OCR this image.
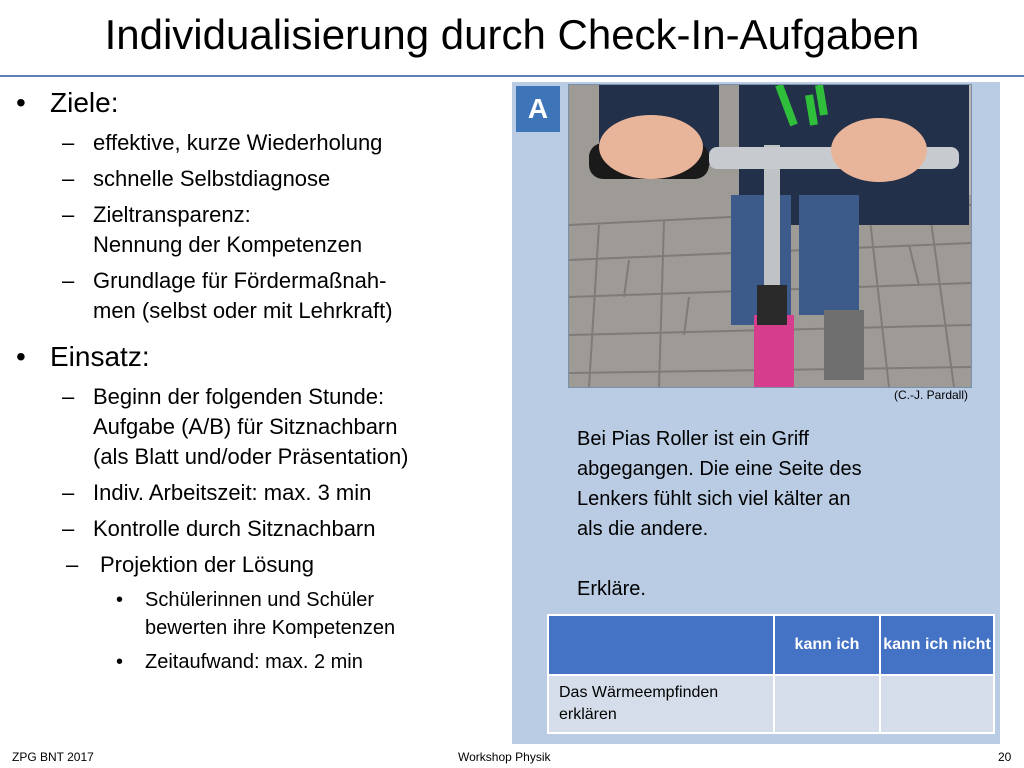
Individualisierung durch Check-In-Aufgaben
• Ziele:
– effektive, kurze Wiederholung
– schnelle Selbstdiagnose
– Zieltransparenz:
Nennung der Kompetenzen
– Grundlage für Fördermaßnah-
men (selbst oder mit Lehrkraft)
• Einsatz:
– Beginn der folgenden Stunde:
Aufgabe (A/B) für Sitznachbarn
(als Blatt und/oder Präsentation)
– Indiv. Arbeitszeit: max. 3 min
– Kontrolle durch Sitznachbarn
– Projektion der Lösung
• Schülerinnen und Schüler
bewerten ihre Kompetenzen
• Zeitaufwand: max. 2 min
A
(C.-J. Pardall)

Bei Pias Roller ist ein Griff

abgegangen. Die eine Seite des

Lenkers fühlt sich viel kälter an

als die andere.

Erkläre.

	kann ich	kann ich nicht

Das Wärmeempfinden
erklären		

ZPG BNT 2017	Workshop Physik	20
